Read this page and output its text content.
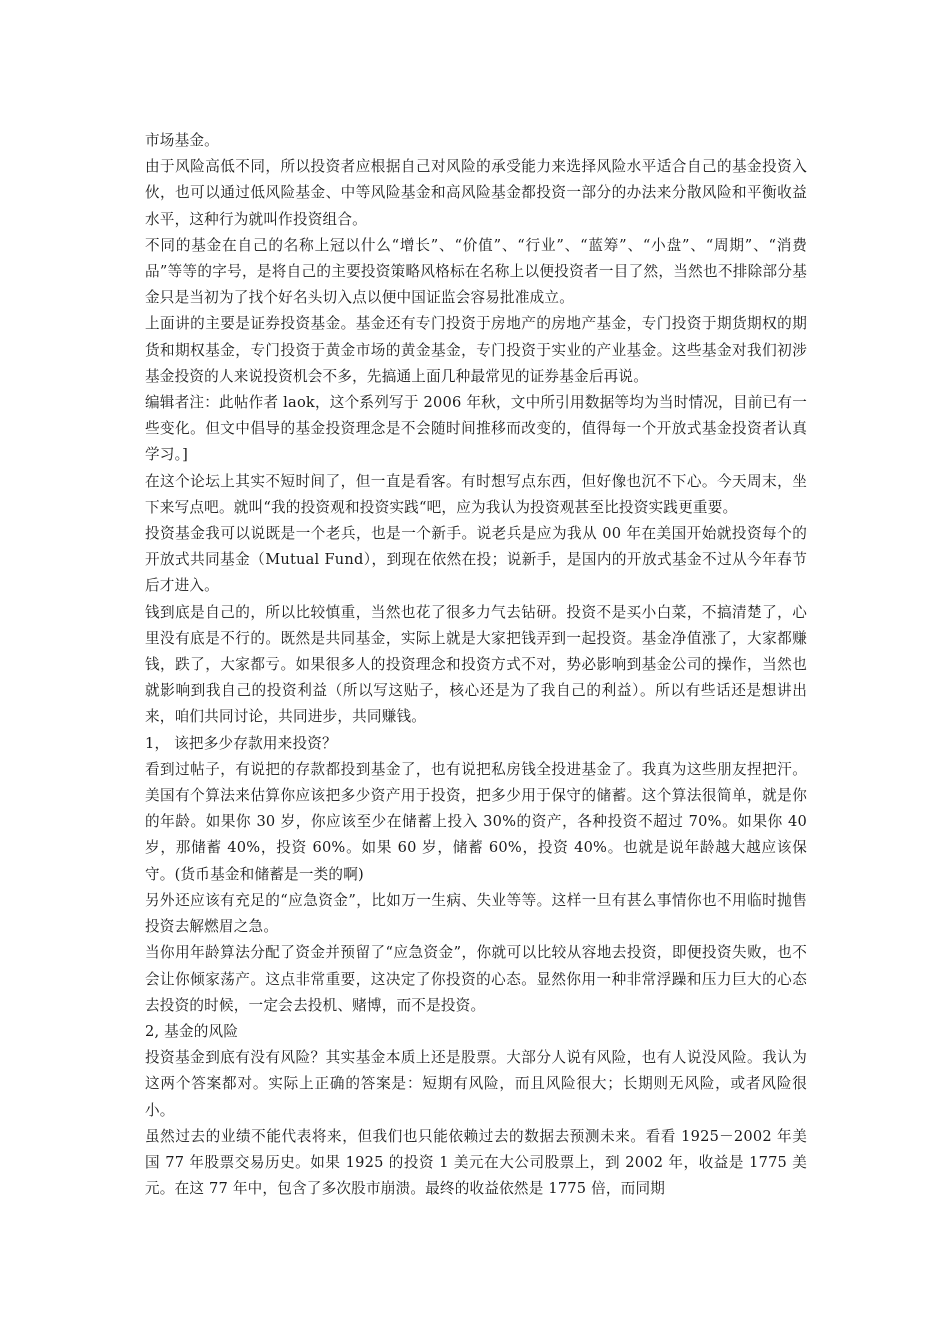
市场基金。

由于风险高低不同，所以投资者应根据自己对风险的承受能力来选择风险水平适合自己的基金投资入伙，也可以通过低风险基金、中等风险基金和高风险基金都投资一部分的办法来分散风险和平衡收益水平，这种行为就叫作投资组合。

不同的基金在自己的名称上冠以什么“增长”、“价值”、“行业”、“蓝筹”、“小盘”、“周期”、“消费品”等等的字号，是将自己的主要投资策略风格标在名称上以便投资者一目了然，当然也不排除部分基金只是当初为了找个好名头切入点以便中国证监会容易批准成立。

上面讲的主要是证券投资基金。基金还有专门投资于房地产的房地产基金，专门投资于期货期权的期货和期权基金，专门投资于黄金市场的黄金基金，专门投资于实业的产业基金。这些基金对我们初涉基金投资的人来说投资机会不多，先搞通上面几种最常见的证券基金后再说。

编辑者注：此帖作者 laok，这个系列写于 2006 年秋，文中所引用数据等均为当时情况，目前已有一些变化。但文中倡导的基金投资理念是不会随时间推移而改变的，值得每一个开放式基金投资者认真学习。]

在这个论坛上其实不短时间了，但一直是看客。有时想写点东西，但好像也沉不下心。今天周末，坐下来写点吧。就叫“我的投资观和投资实践“吧，应为我认为投资观甚至比投资实践更重要。

投资基金我可以说既是一个老兵，也是一个新手。说老兵是应为我从 00 年在美国开始就投资每个的开放式共同基金（Mutual Fund），到现在依然在投；说新手，是国内的开放式基金不过从今年春节后才进入。

钱到底是自己的，所以比较慎重，当然也花了很多力气去钻研。投资不是买小白菜，不搞清楚了，心里没有底是不行的。既然是共同基金，实际上就是大家把钱弄到一起投资。基金净值涨了，大家都赚钱，跌了，大家都亏。如果很多人的投资理念和投资方式不对，势必影响到基金公司的操作，当然也就影响到我自己的投资利益（所以写这贴子，核心还是为了我自己的利益）。所以有些话还是想讲出来，咱们共同讨论，共同进步，共同赚钱。

1， 该把多少存款用来投资？

看到过帖子，有说把的存款都投到基金了，也有说把私房钱全投进基金了。我真为这些朋友捏把汗。美国有个算法来估算你应该把多少资产用于投资，把多少用于保守的储蓄。这个算法很简单，就是你的年龄。如果你 30 岁，你应该至少在储蓄上投入 30%的资产，各种投资不超过 70%。如果你 40 岁，那储蓄 40%，投资 60%。如果 60 岁，储蓄 60%，投资 40%。也就是说年龄越大越应该保守。(货币基金和储蓄是一类的啊)

另外还应该有充足的“应急资金”，比如万一生病、失业等等。这样一旦有甚么事情你也不用临时抛售投资去解燃眉之急。

当你用年龄算法分配了资金并预留了“应急资金”，你就可以比较从容地去投资，即便投资失败，也不会让你倾家荡产。这点非常重要，这决定了你投资的心态。显然你用一种非常浮躁和压力巨大的心态去投资的时候，一定会去投机、赌博，而不是投资。

2, 基金的风险

投资基金到底有没有风险？其实基金本质上还是股票。大部分人说有风险，也有人说没风险。我认为这两个答案都对。实际上正确的答案是：短期有风险，而且风险很大；长期则无风险，或者风险很小。

虽然过去的业绩不能代表将来，但我们也只能依赖过去的数据去预测未来。看看 1925－2002 年美国 77 年股票交易历史。如果 1925 的投资 1 美元在大公司股票上，到 2002 年，收益是 1775 美元。在这 77 年中，包含了多次股市崩溃。最终的收益依然是 1775 倍，而同期
